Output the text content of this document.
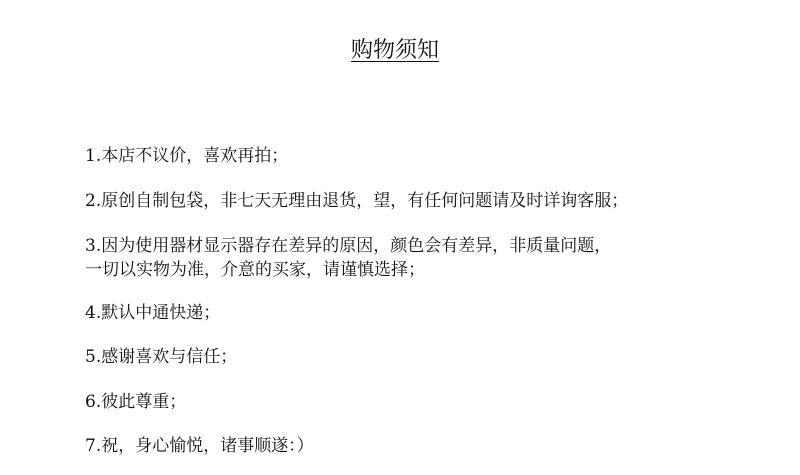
购物须知
1.本店不议价，喜欢再拍；
2.原创自制包袋，非七天无理由退货，望，有任何问题请及时详询客服；
3.因为使用器材显示器存在差异的原因，颜色会有差异，非质量问题，
一切以实物为准，介意的买家，请谨慎选择；
4.默认中通快递；
5.感谢喜欢与信任；
6.彼此尊重；
7.祝，身心愉悦，诸事顺遂：）
